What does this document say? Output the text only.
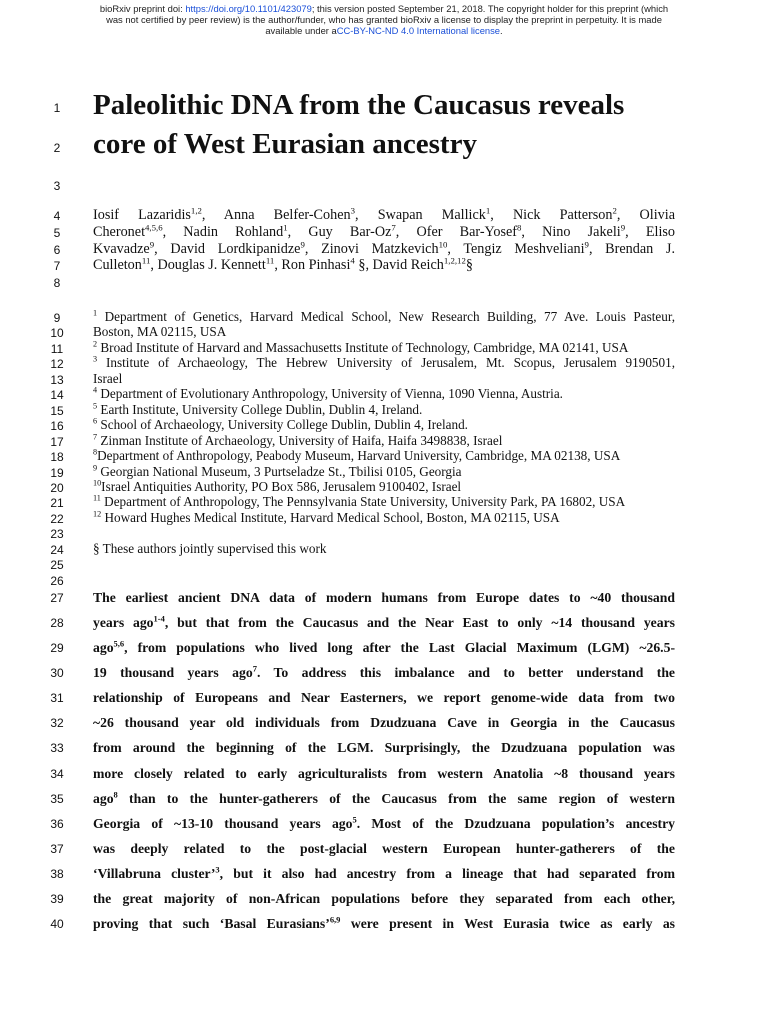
bioRxiv preprint doi: https://doi.org/10.1101/423079; this version posted September 21, 2018. The copyright holder for this preprint (which
was not certified by peer review) is the author/funder, who has granted bioRxiv a license to display the preprint in perpetuity. It is made
available under aCC-BY-NC-ND 4.0 International license.
1
2
3
4
5
6
7
8
9
10
11
12
13
14
15
16
17
18
19
20
21
22
23
24
25
26
27
28
29
30
31
32
33
34
35
36
37
38
39
40
Paleolithic DNA from the Caucasus reveals
core of West Eurasian ancestry
Iosif Lazaridis$^{1,2}$, Anna Belfer-Cohen$^3$, Swapan Mallick$^1$, Nick Patterson$^2$, Olivia
Cheronet$^{4,5,6}$, Nadin Rohland$^1$, Guy Bar-Oz$^7$, Ofer Bar-Yosef$^8$, Nino Jakeli$^9$, Eliso
Kvavadze$^9$, David Lordkipanidze$^9$, Zinovi Matzkevich$^{10}$, Tengiz Meshveliani$^9$, Brendan J.
Culleton$^{11}$, Douglas J. Kennett$^{11}$, Ron Pinhasi$^4$ §, David Reich$^{1,2,12}$§
$^1$ Department of Genetics, Harvard Medical School, New Research Building, 77 Ave. Louis Pasteur,
Boston, MA 02115, USA
$^2$ Broad Institute of Harvard and Massachusetts Institute of Technology, Cambridge, MA 02141, USA
$^3$ Institute of Archaeology, The Hebrew University of Jerusalem, Mt. Scopus, Jerusalem 9190501,
Israel
$^4$ Department of Evolutionary Anthropology, University of Vienna, 1090 Vienna, Austria.
$^5$ Earth Institute, University College Dublin, Dublin 4, Ireland.
$^6$ School of Archaeology, University College Dublin, Dublin 4, Ireland.
$^7$ Zinman Institute of Archaeology, University of Haifa, Haifa 3498838, Israel
$^8$Department of Anthropology, Peabody Museum, Harvard University, Cambridge, MA 02138, USA
$^9$ Georgian National Museum, 3 Purtseladze St., Tbilisi 0105, Georgia
$^{10}$Israel Antiquities Authority, PO Box 586, Jerusalem 9100402, Israel
$^{11}$ Department of Anthropology, The Pennsylvania State University, University Park, PA 16802, USA
$^{12}$ Howard Hughes Medical Institute, Harvard Medical School, Boston, MA 02115, USA
§ These authors jointly supervised this work
The earliest ancient DNA data of modern humans from Europe dates to ~40 thousand
years ago$^{1-4}$, but that from the Caucasus and the Near East to only ~14 thousand years
ago$^{5,6}$, from populations who lived long after the Last Glacial Maximum (LGM) ~26.5-
19 thousand years ago$^7$. To address this imbalance and to better understand the
relationship of Europeans and Near Easterners, we report genome-wide data from two
~26 thousand year old individuals from Dzudzuana Cave in Georgia in the Caucasus
from around the beginning of the LGM. Surprisingly, the Dzudzuana population was
more closely related to early agriculturalists from western Anatolia ~8 thousand years
ago$^8$ than to the hunter-gatherers of the Caucasus from the same region of western
Georgia of ~13-10 thousand years ago$^5$. Most of the Dzudzuana population’s ancestry
was deeply related to the post-glacial western European hunter-gatherers of the
‘Villabruna cluster’$^3$, but it also had ancestry from a lineage that had separated from
the great majority of non-African populations before they separated from each other,
proving that such ‘Basal Eurasians’$^{6,9}$ were present in West Eurasia twice as early as
